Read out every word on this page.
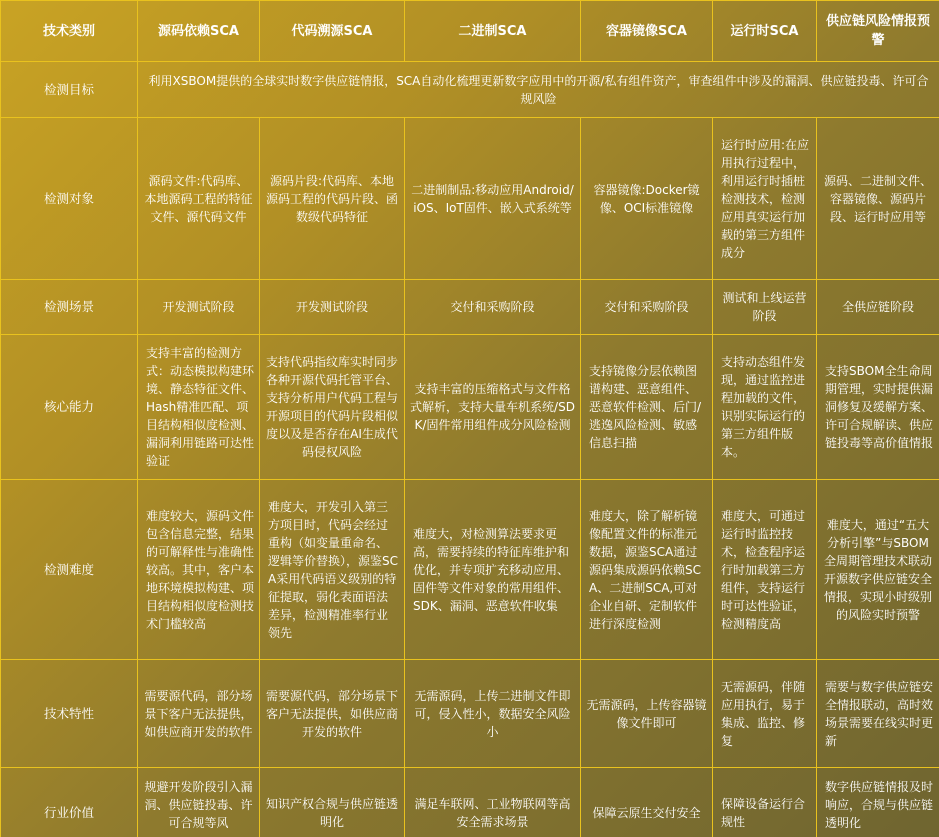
技术类别	源码依赖SCA	代码溯源SCA	二进制SCA	容器镜像SCA	运行时SCA	供应链风险情报预警
检测目标	利用XSBOM提供的全球实时数字供应链情报，SCA自动化梳理更新数字应用中的开源/私有组件资产，审查组件中涉及的漏洞、供应链投毒、许可合规风险					
检测对象	源码文件:代码库、本地源码工程的特征文件、源代码文件	源码片段:代码库、本地源码工程的代码片段、函数级代码特征	二进制制品:移动应用Android/iOS、IoT固件、嵌入式系统等	容器镜像:Docker镜像、OCI标准镜像	运行时应用:在应用执行过程中，利用运行时插桩检测技术，检测应用真实运行加载的第三方组件成分	源码、二进制文件、容器镜像、源码片段、运行时应用等
检测场景	开发测试阶段	开发测试阶段	交付和采购阶段	交付和采购阶段	测试和上线运营阶段	全供应链阶段
核心能力	支持丰富的检测方式：动态模拟构建环境、静态特征文件、Hash精准匹配、项目结构相似度检测、漏洞利用链路可达性验证	支持代码指纹库实时同步各种开源代码托管平台、支持分析用户代码工程与开源项目的代码片段相似度以及是否存在AI生成代码侵权风险	支持丰富的压缩格式与文件格式解析，支持大量车机系统/SDK/固件常用组件成分风险检测	支持镜像分层依赖图谱构建、恶意组件、恶意软件检测、后门/逃逸风险检测、敏感信息扫描	支持动态组件发现，通过监控进程加载的文件，识别实际运行的第三方组件版本。	支持SBOM全生命周期管理，实时提供漏洞修复及缓解方案、许可合规解读、供应链投毒等高价值情报
检测难度	难度较大，源码文件包含信息完整，结果的可解释性与准确性较高。其中，客户本地环境模拟构建、项目结构相似度检测技术门槛较高	难度大，开发引入第三方项目时，代码会经过重构（如变量重命名、逻辑等价替换），源鉴SCA采用代码语义级别的特征提取，弱化表面语法差异，检测精准率行业领先	难度大，对检测算法要求更高，需要持续的特征库维护和优化，并专项扩充移动应用、固件等文件对象的常用组件、SDK、漏洞、恶意软件收集	难度大，除了解析镜像配置文件的标准元数据，源鉴SCA通过源码集成源码依赖SCA、二进制SCA,可对企业自研、定制软件进行深度检测	难度大，可通过运行时监控技术，检查程序运行时加载第三方组件，支持运行时可达性验证，检测精度高	难度大，通过“五大分析引擎”与SBOM全周期管理技术联动开源数字供应链安全情报，实现小时级别的风险实时预警
技术特性	需要源代码，部分场景下客户无法提供，如供应商开发的软件	需要源代码，部分场景下客户无法提供，如供应商开发的软件	无需源码，上传二进制文件即可，侵入性小，数据安全风险小	无需源码，上传容器镜像文件即可	无需源码，伴随应用执行，易于集成、监控、修复	需要与数字供应链安全情报联动，高时效场景需要在线实时更新
行业价值	规避开发阶段引入漏洞、供应链投毒、许可合规等风	知识产权合规与供应链透明化	满足车联网、工业物联网等高安全需求场景	保障云原生交付安全	保障设备运行合规性	数字供应链情报及时响应，合规与供应链透明化
